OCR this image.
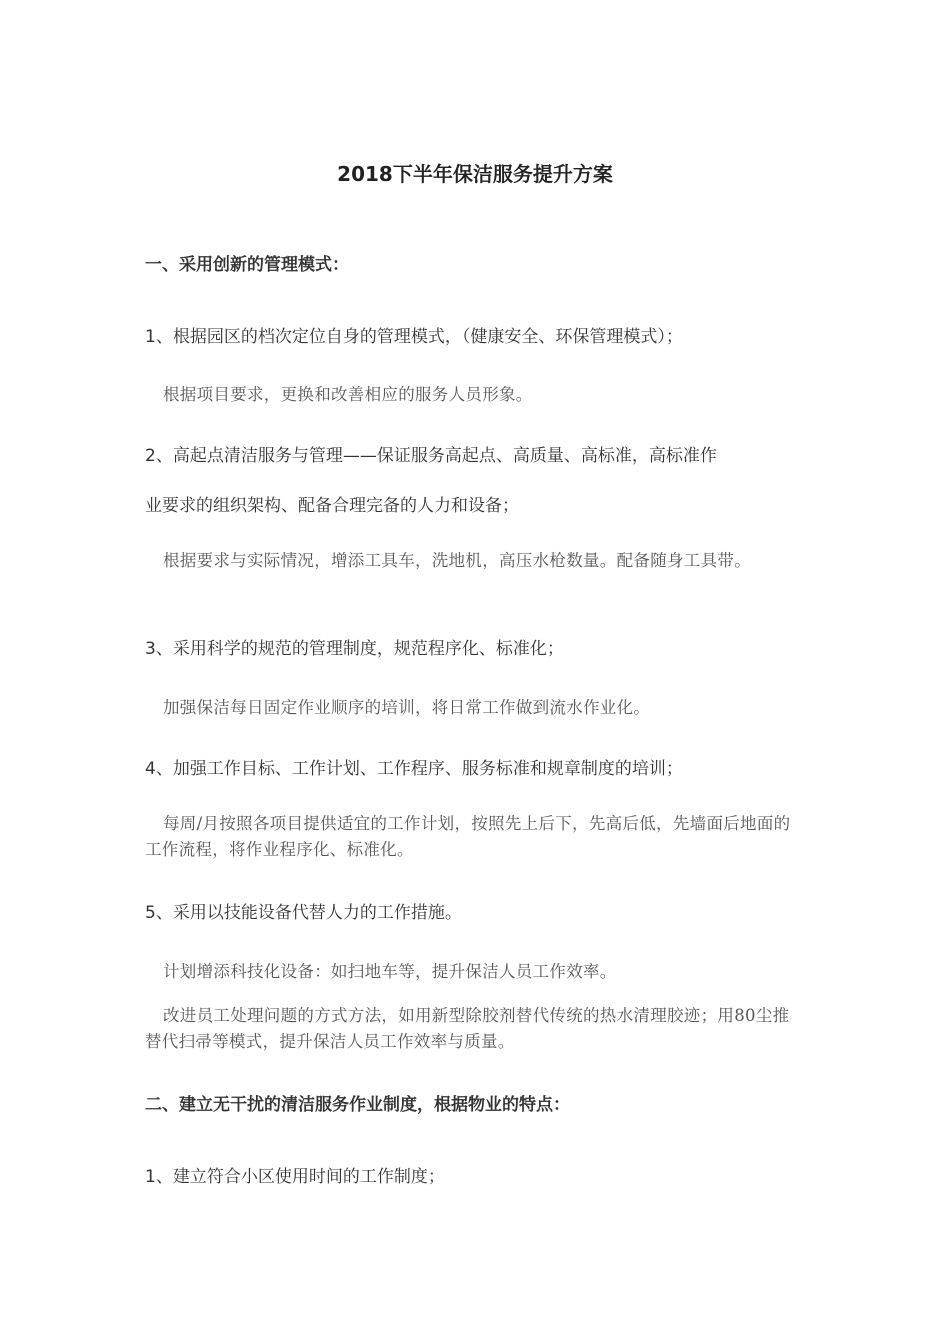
2018下半年保洁服务提升方案
一、采用创新的管理模式：
1、根据园区的档次定位自身的管理模式，（健康安全、环保管理模式）；
根据项目要求，更换和改善相应的服务人员形象。
2、高起点清洁服务与管理——保证服务高起点、高质量、高标准，高标准作
业要求的组织架构、配备合理完备的人力和设备；
根据要求与实际情况，增添工具车，洗地机，高压水枪数量。配备随身工具带。
3、采用科学的规范的管理制度，规范程序化、标准化；
加强保洁每日固定作业顺序的培训，将日常工作做到流水作业化。
4、加强工作目标、工作计划、工作程序、服务标准和规章制度的培训；
每周/月按照各项目提供适宜的工作计划，按照先上后下，先高后低，先墙面后地面的工作流程，将作业程序化、标准化。
5、采用以技能设备代替人力的工作措施。
计划增添科技化设备：如扫地车等，提升保洁人员工作效率。
改进员工处理问题的方式方法，如用新型除胶剂替代传统的热水清理胶迹；用80尘推替代扫帚等模式，提升保洁人员工作效率与质量。
二、建立无干扰的清洁服务作业制度，根据物业的特点：
1、建立符合小区使用时间的工作制度；
